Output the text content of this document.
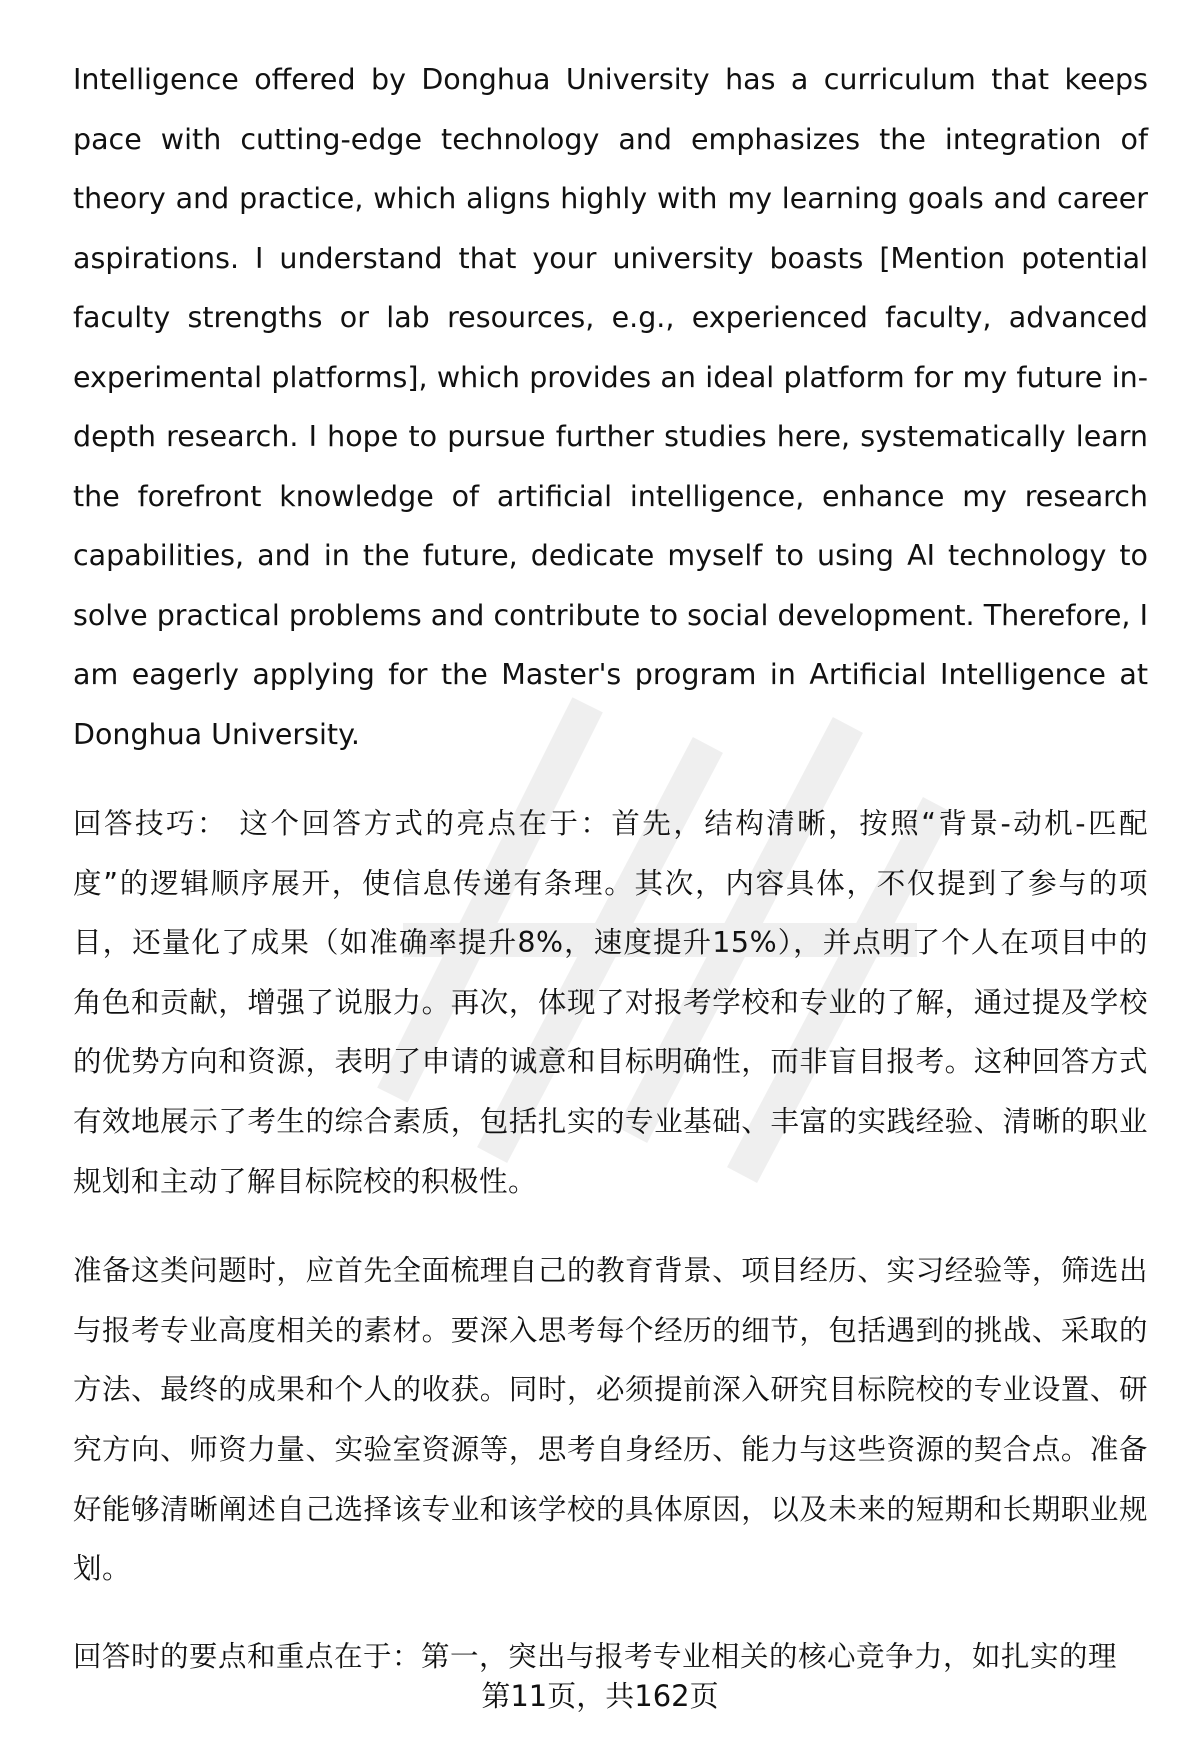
Intelligence offered by Donghua University has a curriculum that keeps pace with cutting-edge technology and emphasizes the integration of theory and practice, which aligns highly with my learning goals and career aspirations. I understand that your university boasts [Mention potential faculty strengths or lab resources, e.g., experienced faculty, advanced experimental platforms], which provides an ideal platform for my future in-depth research. I hope to pursue further studies here, systematically learn the forefront knowledge of artificial intelligence, enhance my research capabilities, and in the future, dedicate myself to using AI technology to solve practical problems and contribute to social development. Therefore, I am eagerly applying for the Master's program in Artificial Intelligence at Donghua University.

回答技巧： 这个回答方式的亮点在于：首先，结构清晰，按照“背景-动机-匹配度”的逻辑顺序展开，使信息传递有条理。其次，内容具体，不仅提到了参与的项目，还量化了成果（如准确率提升8%，速度提升15%），并点明了个人在项目中的角色和贡献，增强了说服力。再次，体现了对报考学校和专业的了解，通过提及学校的优势方向和资源，表明了申请的诚意和目标明确性，而非盲目报考。这种回答方式有效地展示了考生的综合素质，包括扎实的专业基础、丰富的实践经验、清晰的职业规划和主动了解目标院校的积极性。

准备这类问题时，应首先全面梳理自己的教育背景、项目经历、实习经验等，筛选出与报考专业高度相关的素材。要深入思考每个经历的细节，包括遇到的挑战、采取的方法、最终的成果和个人的收获。同时，必须提前深入研究目标院校的专业设置、研究方向、师资力量、实验室资源等，思考自身经历、能力与这些资源的契合点。准备好能够清晰阐述自己选择该专业和该学校的具体原因，以及未来的短期和长期职业规划。

回答时的要点和重点在于：第一，突出与报考专业相关的核心竞争力，如扎实的理

第11页，共162页
